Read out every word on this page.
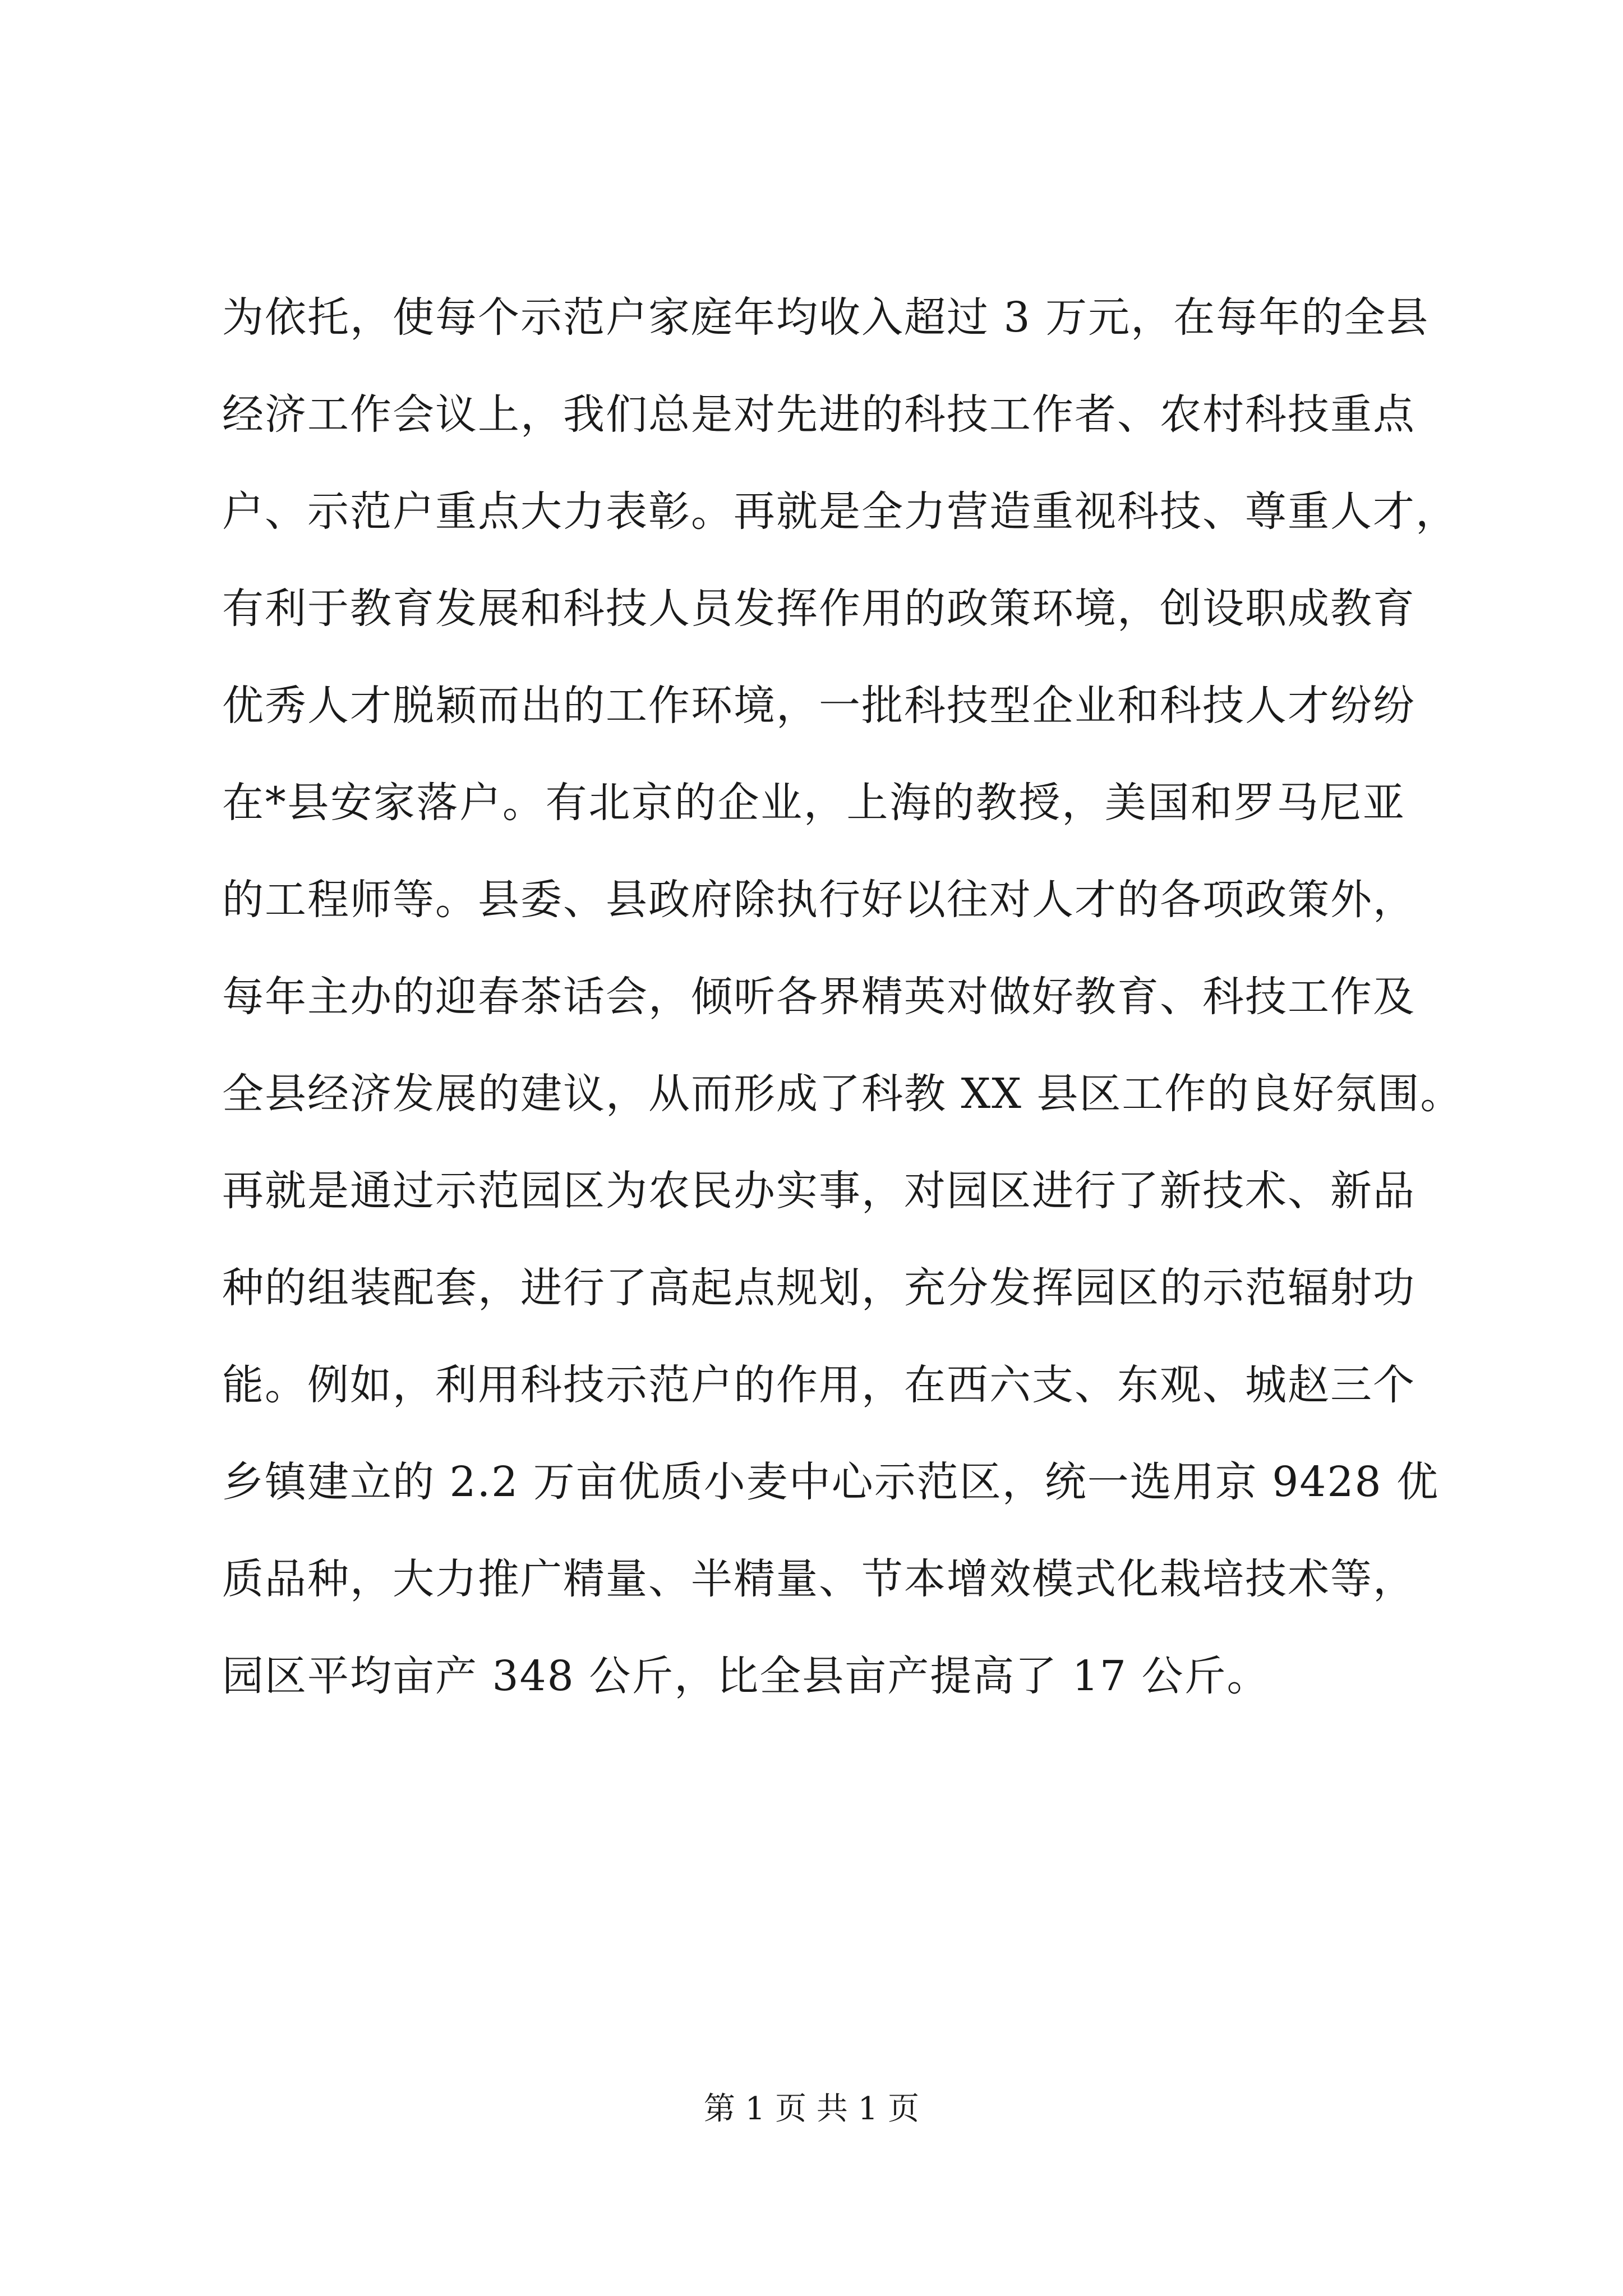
为依托，使每个示范户家庭年均收入超过 3 万元，在每年的全县
经济工作会议上，我们总是对先进的科技工作者、农村科技重点
户、示范户重点大力表彰。再就是全力营造重视科技、尊重人才，
有利于教育发展和科技人员发挥作用的政策环境，创设职成教育
优秀人才脱颖而出的工作环境，一批科技型企业和科技人才纷纷
在*县安家落户。有北京的企业，上海的教授，美国和罗马尼亚
的工程师等。县委、县政府除执行好以往对人才的各项政策外，
每年主办的迎春茶话会，倾听各界精英对做好教育、科技工作及
全县经济发展的建议，从而形成了科教 XX 县区工作的良好氛围。
再就是通过示范园区为农民办实事，对园区进行了新技术、新品
种的组装配套，进行了高起点规划，充分发挥园区的示范辐射功
能。例如，利用科技示范户的作用，在西六支、东观、城赵三个
乡镇建立的 2.2 万亩优质小麦中心示范区，统一选用京 9428 优
质品种，大力推广精量、半精量、节本增效模式化栽培技术等，
园区平均亩产 348 公斤，比全县亩产提高了 17 公斤。
第 1 页 共 1 页
